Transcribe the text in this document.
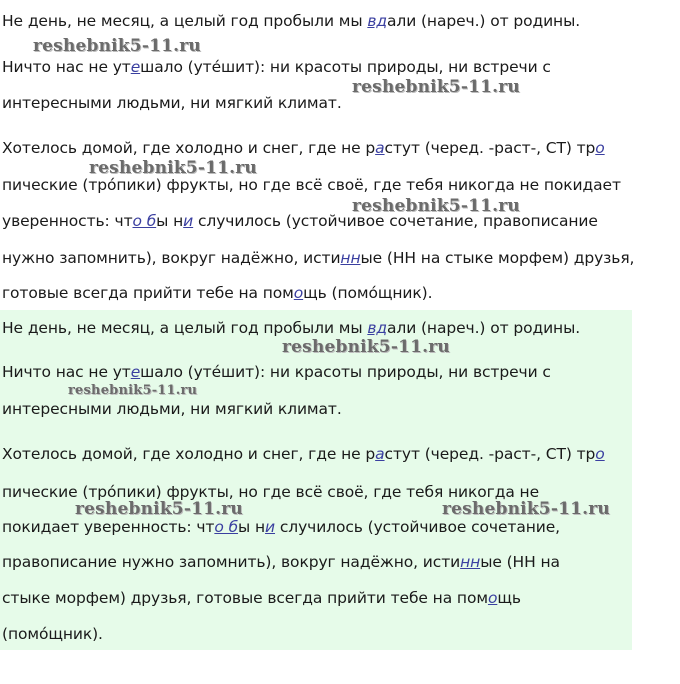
Не день, не месяц, а целый год пробыли мы вдали (нареч.) от родины.
reshebnik5-11.ru
Ничто нас не утешало (утéшит): ни красоты природы, ни встречи с
reshebnik5-11.ru
интересными людьми, ни мягкий климат.
Хотелось домой, где холодно и снег, где не растут (черед. -раст-, СТ) тро
reshebnik5-11.ru
пические (трóпики) фрукты, но где всё своё, где тебя никогда не покидает
reshebnik5-11.ru
уверенность: что бы ни случилось (устойчивое сочетание, правописание
нужно запомнить), вокруг надёжно, истинные (НН на стыке морфем) друзья,
готовые всегда прийти тебе на помощь (помóщник).
Не день, не месяц, а целый год пробыли мы вдали (нареч.) от родины.
reshebnik5-11.ru
Ничто нас не утешало (утéшит): ни красоты природы, ни встречи с
reshebnik5-11.ru
интересными людьми, ни мягкий климат.
Хотелось домой, где холодно и снег, где не растут (черед. -раст-, СТ) тро
пические (трóпики) фрукты, но где всё своё, где тебя никогда не
reshebnik5-11.ru	reshebnik5-11.ru
покидает уверенность: что бы ни случилось (устойчивое сочетание,
правописание нужно запомнить), вокруг надёжно, истинные (НН на
стыке морфем) друзья, готовые всегда прийти тебе на помощь
(помóщник).
